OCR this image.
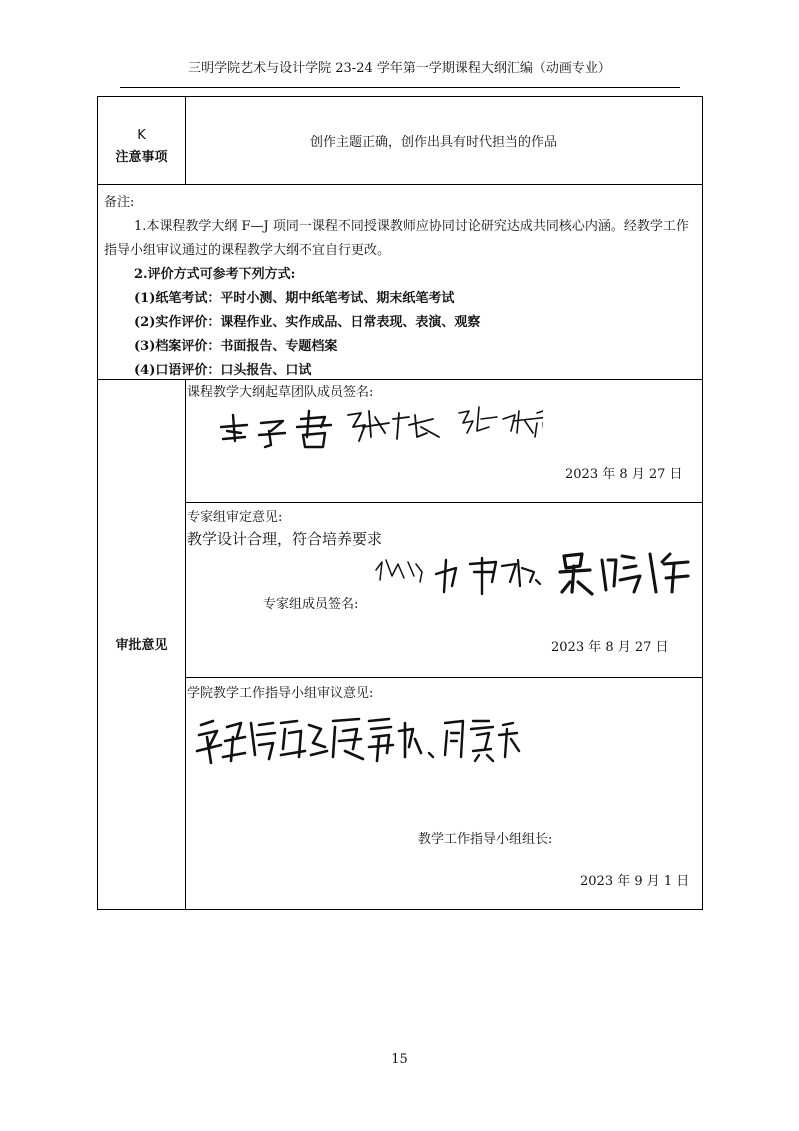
三明学院艺术与设计学院 23-24 学年第一学期课程大纲汇编（动画专业）
K
注意事项
创作主题正确，创作出具有时代担当的作品

备注:

1.本课程教学大纲 F—J 项同一课程不同授课教师应协同讨论研究达成共同核心内涵。经教学工作指导小组审议通过的课程教学大纲不宜自行更改。

2.评价方式可参考下列方式:

(1)纸笔考试：平时小测、期中纸笔考试、期末纸笔考试

(2)实作评价：课程作业、实作成品、日常表现、表演、观察

(3)档案评价：书面报告、专题档案

(4)口语评价：口头报告、口试

审批意见
课程教学大纲起草团队成员签名:
2023 年 8 月 27 日
专家组审定意见:
教学设计合理，符合培养要求
专家组成员签名:
2023 年 8 月 27 日
学院教学工作指导小组审议意见:
教学工作指导小组组长:
2023 年 9 月 1 日
15
